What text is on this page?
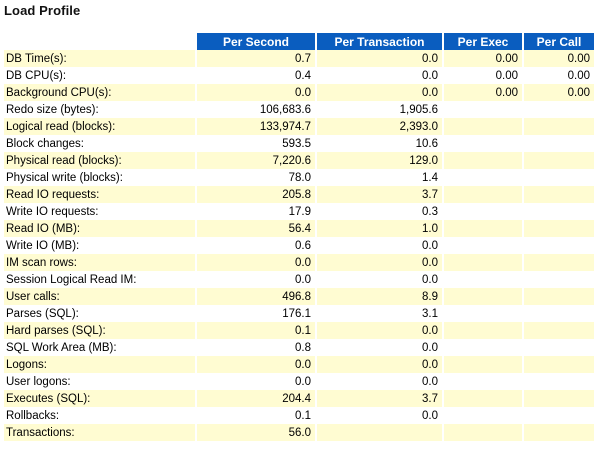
Load Profile
	Per Second	Per Transaction	Per Exec	Per Call
DB Time(s):	0.7	0.0	0.00	0.00
DB CPU(s):	0.4	0.0	0.00	0.00
Background CPU(s):	0.0	0.0	0.00	0.00
Redo size (bytes):	106,683.6	1,905.6		
Logical read (blocks):	133,974.7	2,393.0		
Block changes:	593.5	10.6		
Physical read (blocks):	7,220.6	129.0		
Physical write (blocks):	78.0	1.4		
Read IO requests:	205.8	3.7		
Write IO requests:	17.9	0.3		
Read IO (MB):	56.4	1.0		
Write IO (MB):	0.6	0.0		
IM scan rows:	0.0	0.0		
Session Logical Read IM:	0.0	0.0		
User calls:	496.8	8.9		
Parses (SQL):	176.1	3.1		
Hard parses (SQL):	0.1	0.0		
SQL Work Area (MB):	0.8	0.0		
Logons:	0.0	0.0		
User logons:	0.0	0.0		
Executes (SQL):	204.4	3.7		
Rollbacks:	0.1	0.0		
Transactions:	56.0			
